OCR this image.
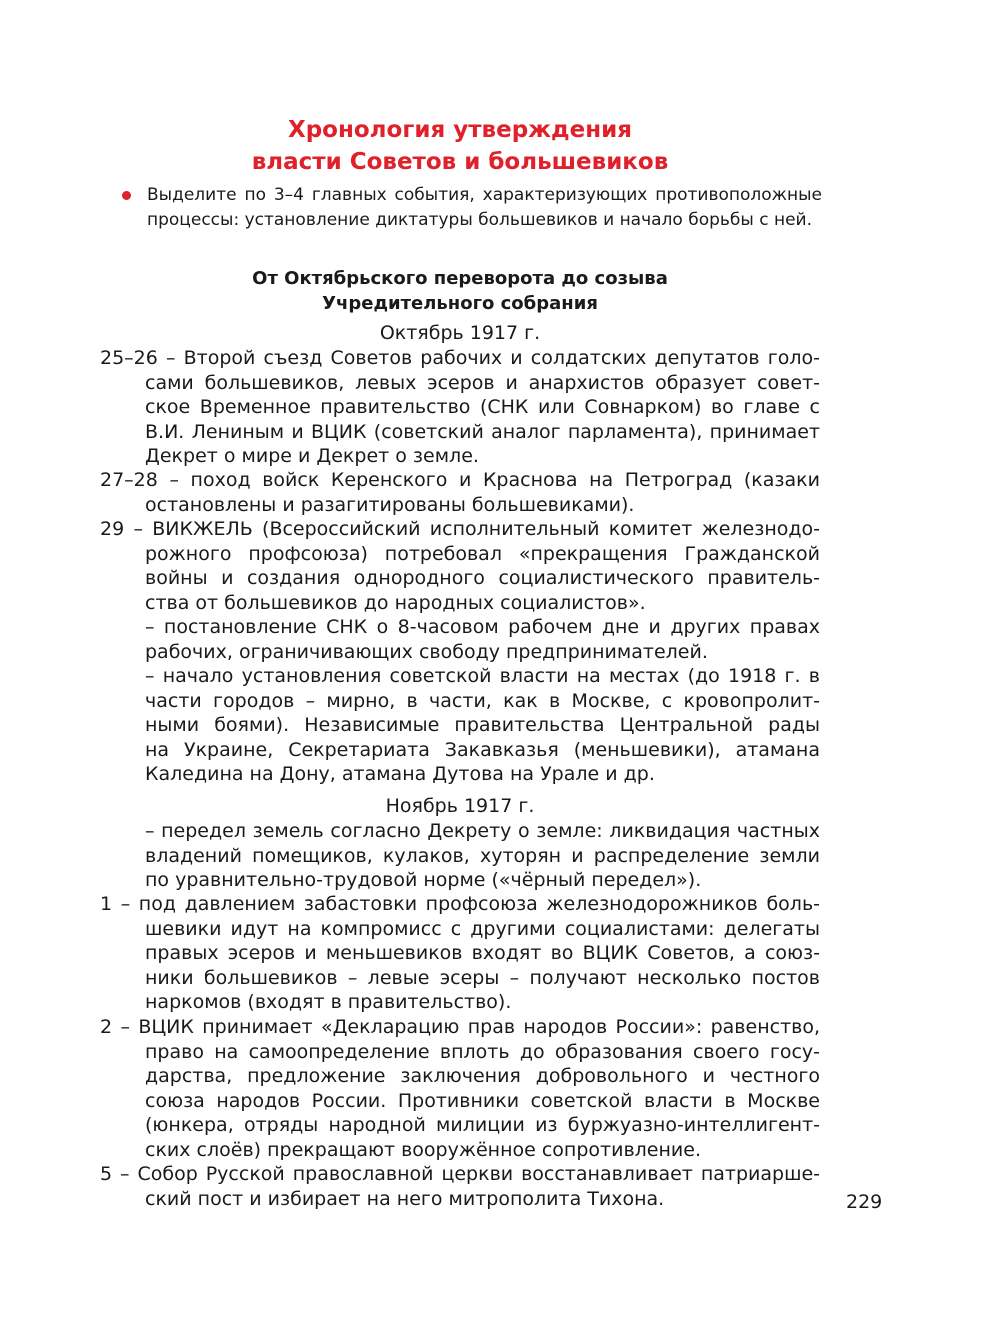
Хронология утверждения
власти Советов и большевиков
Выделите по 3–4 главных события, характеризующих противоположные процессы: установление диктатуры большевиков и начало борьбы с ней.
От Октябрьского переворота до созыва
Учредительного собрания
Октябрь 1917 г.
25–26 – Второй съезд Советов рабочих и солдатских депутатов голо-
сами большевиков, левых эсеров и анархистов образует совет-
ское Временное правительство (СНК или Совнарком) во главе с
В.И. Лениным и ВЦИК (советский аналог парламента), принимает
Декрет о мире и Декрет о земле.
27–28 – поход войск Керенского и Краснова на Петроград (казаки
остановлены и разагитированы большевиками).
29 – ВИКЖЕЛЬ (Всероссийский исполнительный комитет железнодо-
рожного профсоюза) потребовал «прекращения Гражданской
войны и создания однородного социалистического правитель-
ства от большевиков до народных социалистов».
– постановление СНК о 8-часовом рабочем дне и других правах
рабочих, ограничивающих свободу предпринимателей.
– начало установления советской власти на местах (до 1918 г. в
части городов – мирно, в части, как в Москве, с кровопролит-
ными боями). Независимые правительства Центральной рады
на Украине, Секретариата Закавказья (меньшевики), атамана
Каледина на Дону, атамана Дутова на Урале и др.
Ноябрь 1917 г.
– передел земель согласно Декрету о земле: ликвидация частных
владений помещиков, кулаков, хуторян и распределение земли
по уравнительно-трудовой норме («чёрный передел»).
1 – под давлением забастовки профсоюза железнодорожников боль-
шевики идут на компромисс с другими социалистами: делегаты
правых эсеров и меньшевиков входят во ВЦИК Советов, а союз-
ники большевиков – левые эсеры – получают несколько постов
наркомов (входят в правительство).
2 – ВЦИК принимает «Декларацию прав народов России»: равенство,
право на самоопределение вплоть до образования своего госу-
дарства, предложение заключения добровольного и честного
союза народов России. Противники советской власти в Москве
(юнкера, отряды народной милиции из буржуазно-интеллигент-
ских слоёв) прекращают вооружённое сопротивление.
5 – Собор Русской православной церкви восстанавливает патриарше-
ский пост и избирает на него митрополита Тихона.	229
